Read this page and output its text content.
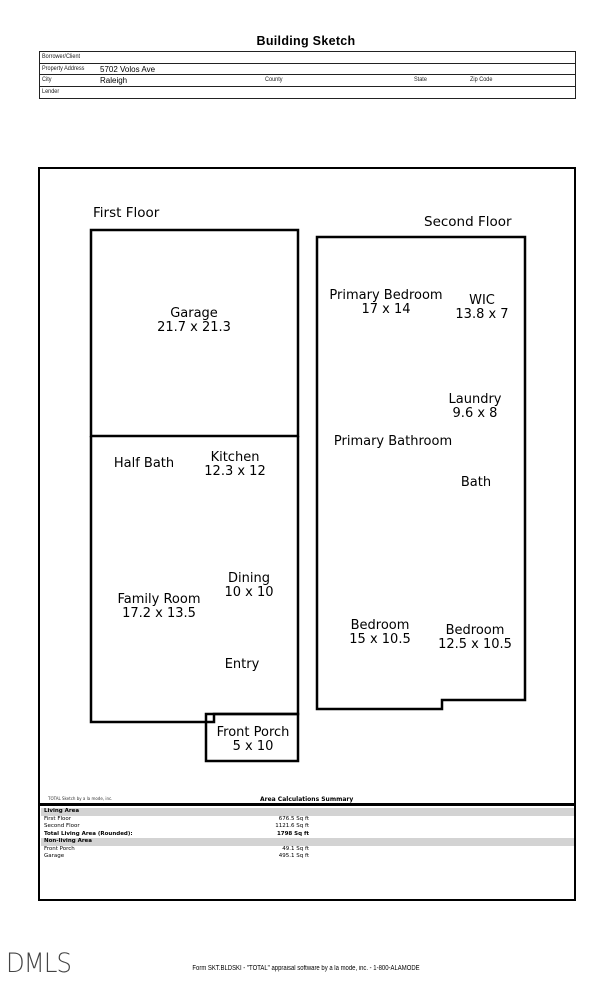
Building Sketch
Borrower/Client
Property Address 5702 Volos Ave
City	Raleigh	County	State	Zip Code
Lender
First Floor
Second Floor
Garage
21.7 x 21.3
Half Bath	Kitchen
12.3 x 12
Dining
10 x 10
Family Room
17.2 x 13.5
Entry
Front Porch
5 x 10
Primary Bedroom
17 x 14
WIC
13.8 x 7
Laundry
9.6 x 8
Primary Bathroom
Bath
Bedroom
15 x 10.5
Bedroom
12.5 x 10.5
TOTAL Sketch by a la mode, inc.	Area Calculations Summary
Living Area
First Floor	676.5 Sq ft
Second Floor	1121.6 Sq ft
Total Living Area (Rounded):	1798 Sq ft
Non-living Area
Front Porch	49.1 Sq ft
Garage	495.1 Sq ft
DMLS	Form SKT.BLDSKI - "TOTAL" appraisal software by a la mode, inc. - 1-800-ALAMODE
